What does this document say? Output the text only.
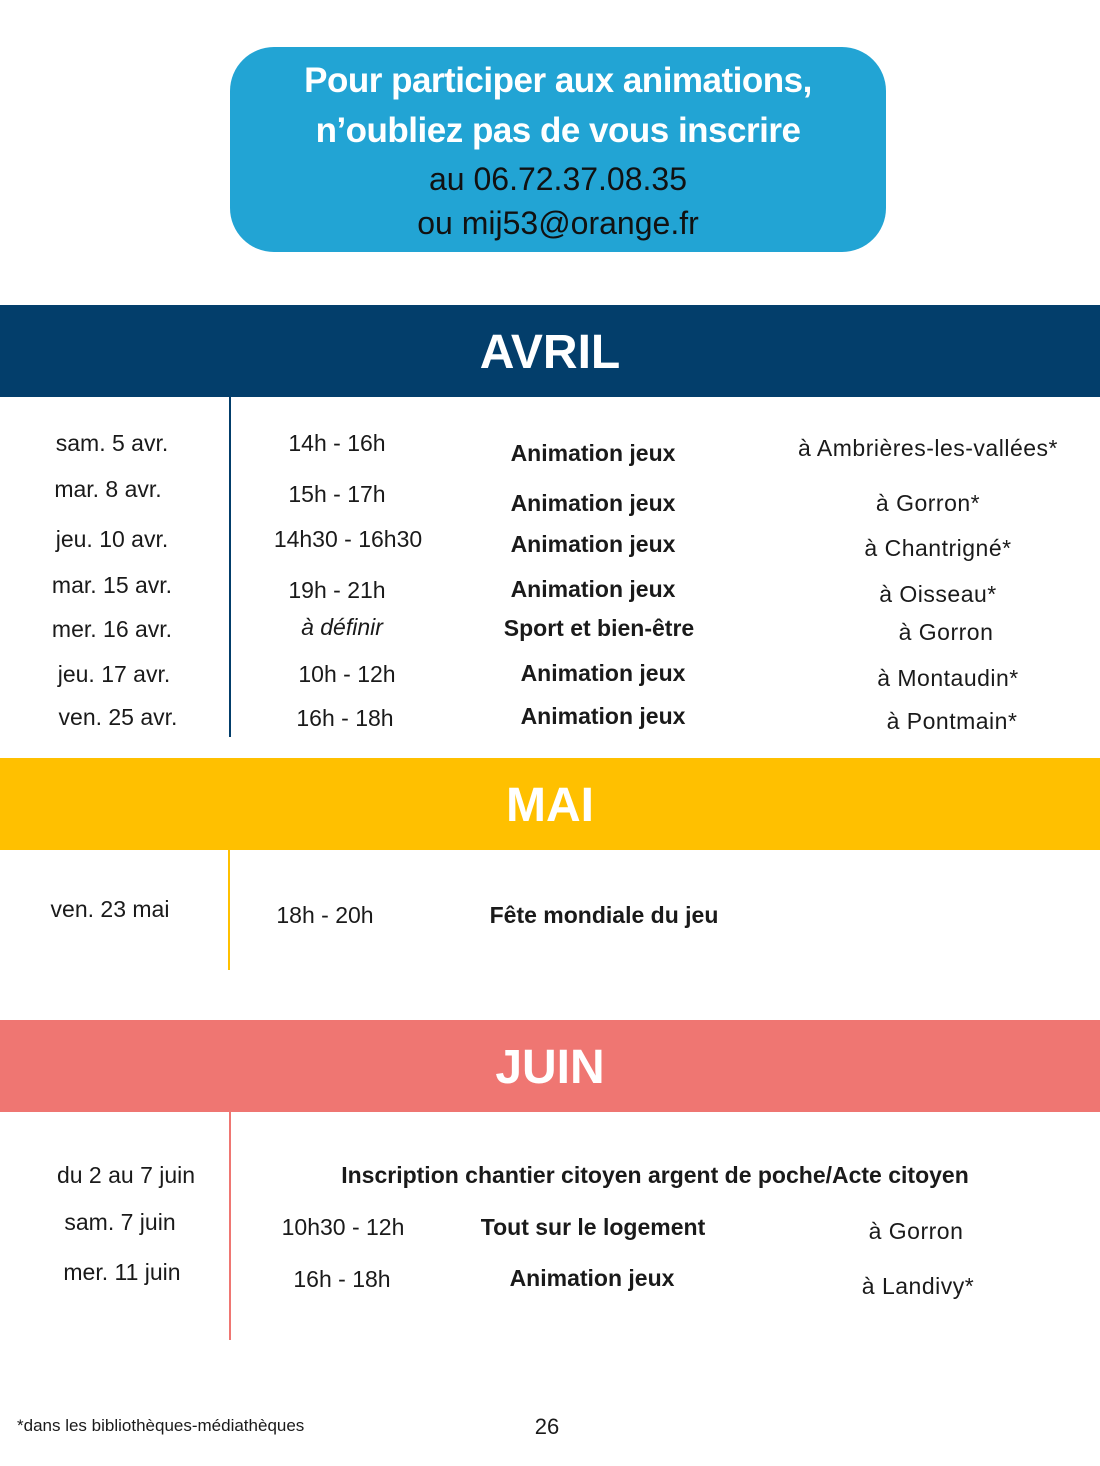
Pour participer aux animations,
n’oubliez pas de vous inscrire
au 06.72.37.08.35
ou mij53@orange.fr
AVRIL
sam. 5 avr.	14h - 16h	Animation jeux	à Ambrières-les-vallées*
mar. 8 avr.	15h - 17h	Animation jeux	à Gorron*
jeu. 10 avr.	14h30 - 16h30	Animation jeux	à Chantrigné*
mar. 15 avr.	19h - 21h	Animation jeux	à Oisseau*
mer. 16 avr.	à définir	Sport et bien-être	à Gorron
jeu. 17 avr.	10h - 12h	Animation jeux	à Montaudin*
ven. 25 avr.	16h - 18h	Animation jeux	à Pontmain*
MAI
ven. 23 mai	18h - 20h	Fête mondiale du jeu
JUIN
du 2 au 7 juin	Inscription chantier citoyen argent de poche/Acte citoyen
sam. 7 juin	10h30 - 12h	Tout sur le logement	à Gorron
mer. 11 juin	16h - 18h	Animation jeux	à Landivy*
*dans les bibliothèques-médiathèques	26
